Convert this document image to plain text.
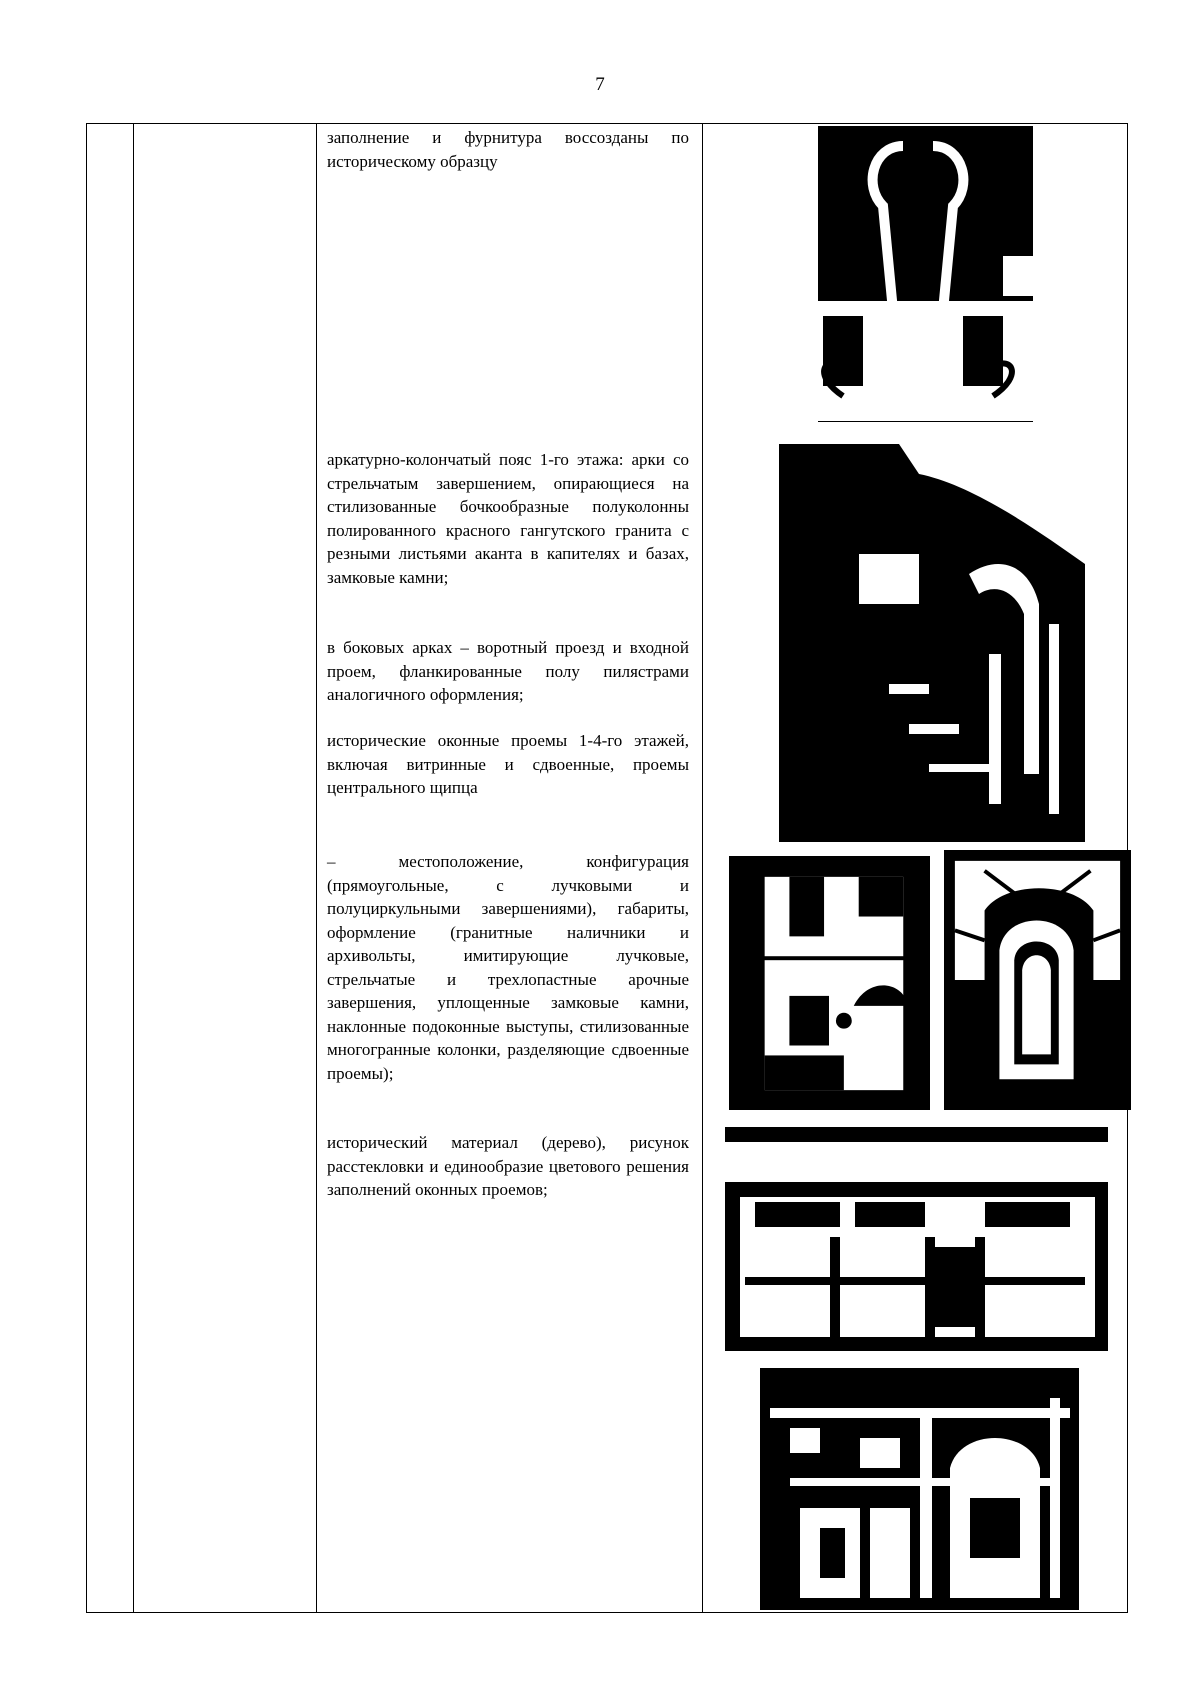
7
заполнение и фурнитура воссозданы по историческому образцу
аркатурно-колончатый пояс 1-го этажа: арки со стрельчатым завершением, опирающиеся на стилизованные бочкообразные полуколонны полированного красного гангутского гранита с резными листьями аканта в капителях и базах, замковые камни;
в боковых арках – воротный проезд и входной проем, фланкированные полу пилястрами аналогичного оформления;
исторические оконные проемы 1-4-го этажей, включая витринные и сдвоенные, проемы центрального щипца
– местоположение, конфигурация (прямоугольные, с лучковыми и полуциркульными завершениями), габариты, оформление (гранитные наличники и архивольты, имитирующие лучковые, стрельчатые и трехлопастные арочные завершения, уплощенные замковые камни, наклонные подоконные выступы, стилизованные многогранные колонки, разделяющие сдвоенные проемы);
исторический материал (дерево), рисунок расстекловки и единообразие цветового решения заполнений оконных проемов;
